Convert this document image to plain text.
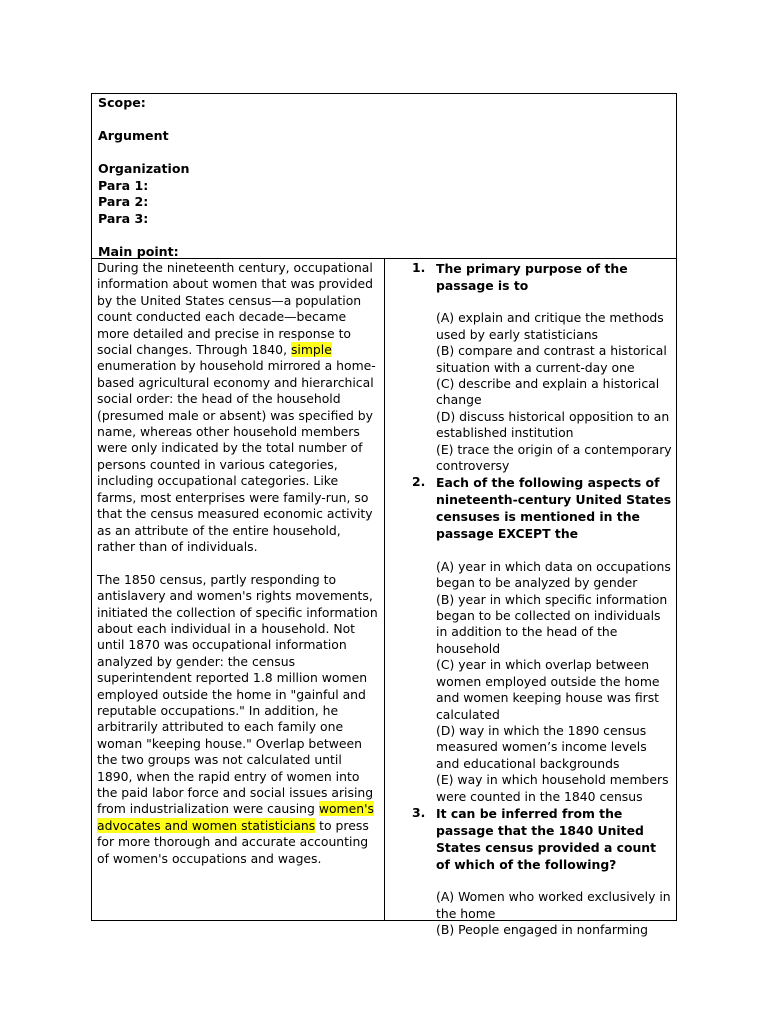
Scope:
Argument
Organization
Para 1:
Para 2:
Para 3:
Main point:

During the nineteenth century, occupational information about women that was provided by the United States census—a population count conducted each decade—became more detailed and precise in response to social changes. Through 1840, simple enumeration by household mirrored a home-based agricultural economy and hierarchical social order: the head of the household (presumed male or absent) was specified by name, whereas other household members were only indicated by the total number of persons counted in various categories, including occupational categories. Like farms, most enterprises were family-run, so that the census measured economic activity as an attribute of the entire household, rather than of individuals.

The 1850 census, partly responding to antislavery and women's rights movements, initiated the collection of specific information about each individual in a household. Not until 1870 was occupational information analyzed by gender: the census superintendent reported 1.8 million women employed outside the home in "gainful and reputable occupations." In addition, he arbitrarily attributed to each family one woman "keeping house." Overlap between the two groups was not calculated until 1890, when the rapid entry of women into the paid labor force and social issues arising from industrialization were causing women's advocates and women statisticians to press for more thorough and accurate accounting of women's occupations and wages.

1. The primary purpose of the passage is to
(A) explain and critique the methods used by early statisticians
(B) compare and contrast a historical situation with a current-day one
(C) describe and explain a historical change
(D) discuss historical opposition to an established institution
(E) trace the origin of a contemporary controversy
2. Each of the following aspects of nineteenth-century United States censuses is mentioned in the passage EXCEPT the
(A) year in which data on occupations began to be analyzed by gender
(B) year in which specific information began to be collected on individuals in addition to the head of the household
(C) year in which overlap between women employed outside the home and women keeping house was first calculated
(D) way in which the 1890 census measured women’s income levels and educational backgrounds
(E) way in which household members were counted in the 1840 census
3. It can be inferred from the passage that the 1840 United States census provided a count of which of the following?
(A) Women who worked exclusively in the home
(B) People engaged in nonfarming
